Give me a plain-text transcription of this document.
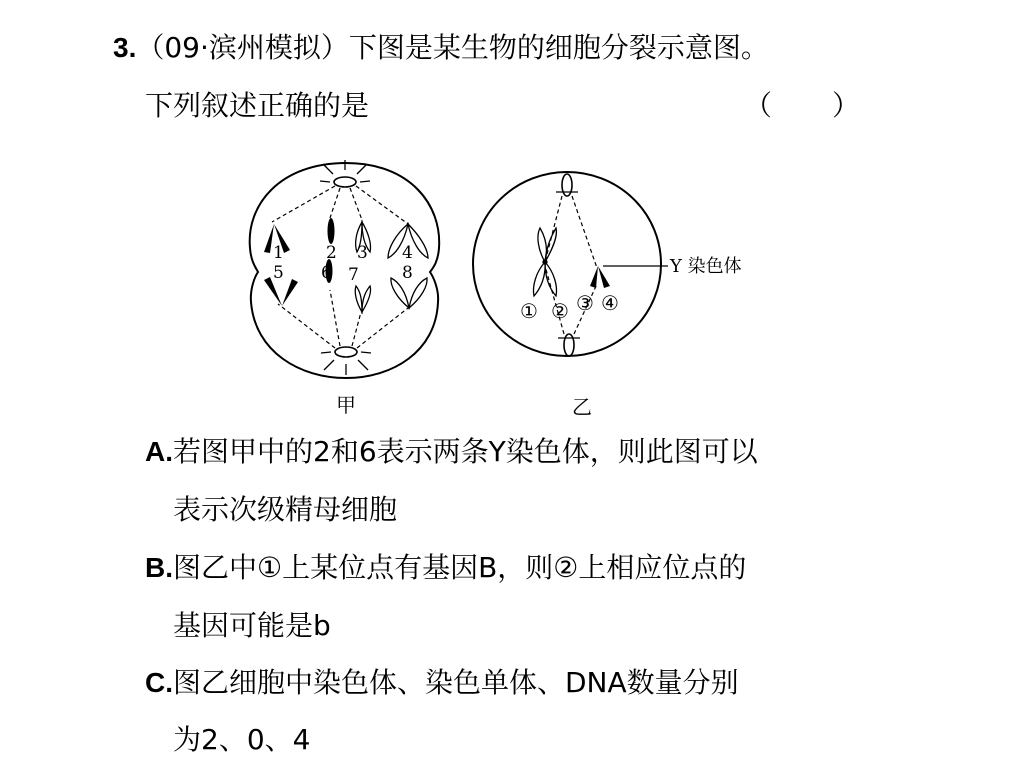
3.（09·滨州模拟）下图是某生物的细胞分裂示意图。
下列叙述正确的是	（ ）
1 2 3 4
5 6 7	8	Y 染色体
① ② ③ ④
甲	乙
A.若图甲中的2和6表示两条Y染色体，则此图可以
表示次级精母细胞
B.图乙中①上某位点有基因B，则②上相应位点的
基因可能是b
C.图乙细胞中染色体、染色单体、DNA数量分别
为2、0、4
